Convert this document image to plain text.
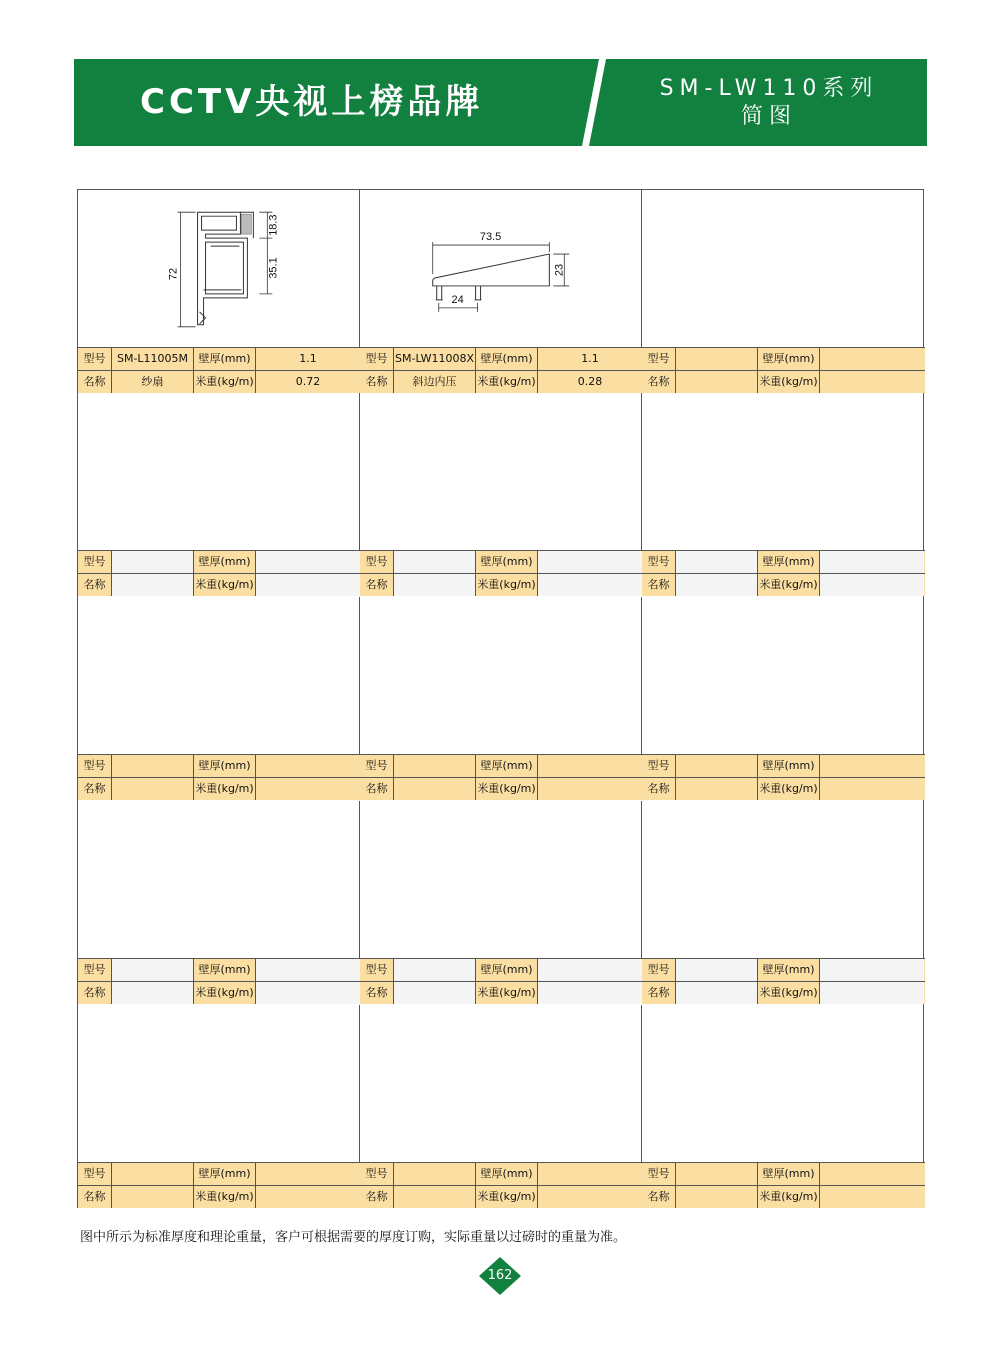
CCTV央视上榜品牌	SM-LW110系列
简图
72
18.3
35.1
型号	SM-L11005M 壁厚(mm)	1.1
名称	纱扇	米重(kg/m)	0.72
73.5
23
24
型号 SM-LW11008X 壁厚(mm)	1.1
名称	斜边内压	米重(kg/m)	0.28
型号	壁厚(mm)
名称	米重(kg/m)
型号	壁厚(mm)
名称	米重(kg/m)
型号	壁厚(mm)
名称	米重(kg/m)
型号	壁厚(mm)
名称	米重(kg/m)
型号	壁厚(mm)
名称	米重(kg/m)
型号	壁厚(mm)
名称	米重(kg/m)
型号	壁厚(mm)
名称	米重(kg/m)
型号	壁厚(mm)
名称	米重(kg/m)
型号	壁厚(mm)
名称	米重(kg/m)
型号	壁厚(mm)
名称	米重(kg/m)
型号	壁厚(mm)
名称	米重(kg/m)
型号	壁厚(mm)
名称	米重(kg/m)
型号	壁厚(mm)
名称	米重(kg/m)
图中所示为标准厚度和理论重量，客户可根据需要的厚度订购，实际重量以过磅时的重量为准。
162
